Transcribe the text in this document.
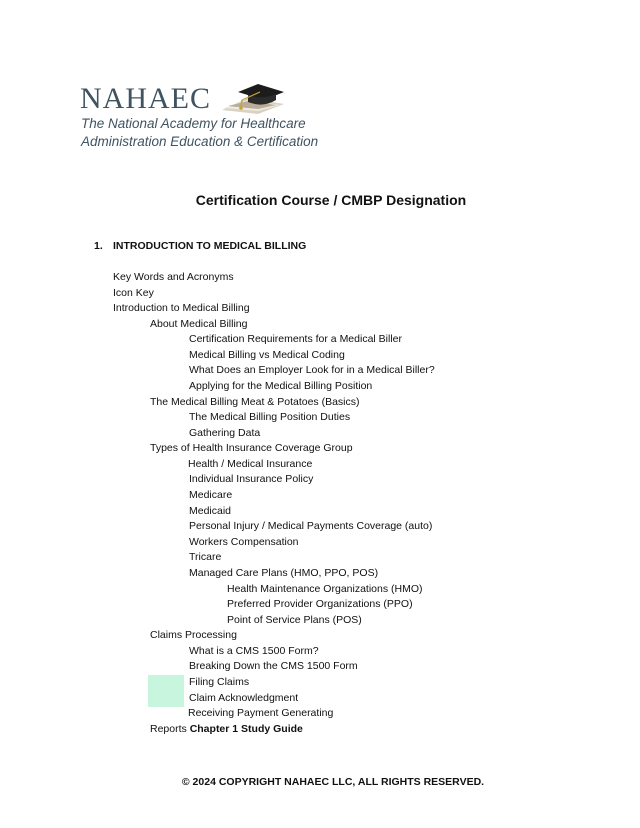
NAHAEC
The National Academy for Healthcare
Administration Education & Certification
Certification Course / CMBP Designation
1. INTRODUCTION TO MEDICAL BILLING
Key Words and Acronyms
Icon Key
Introduction to Medical Billing
About Medical Billing
Certification Requirements for a Medical Biller
Medical Billing vs Medical Coding
What Does an Employer Look for in a Medical Biller?
Applying for the Medical Billing Position
The Medical Billing Meat & Potatoes (Basics)
The Medical Billing Position Duties
Gathering Data
Types of Health Insurance Coverage Group
Health / Medical Insurance
Individual Insurance Policy
Medicare
Medicaid
Personal Injury / Medical Payments Coverage (auto)
Workers Compensation
Tricare
Managed Care Plans (HMO, PPO, POS)
Health Maintenance Organizations (HMO)
Preferred Provider Organizations (PPO)
Point of Service Plans (POS)
Claims Processing
What is a CMS 1500 Form?
Breaking Down the CMS 1500 Form
Filing Claims
Claim Acknowledgment
Receiving Payment Generating
Reports Chapter 1 Study Guide
© 2024 COPYRIGHT NAHAEC LLC, ALL RIGHTS RESERVED.
